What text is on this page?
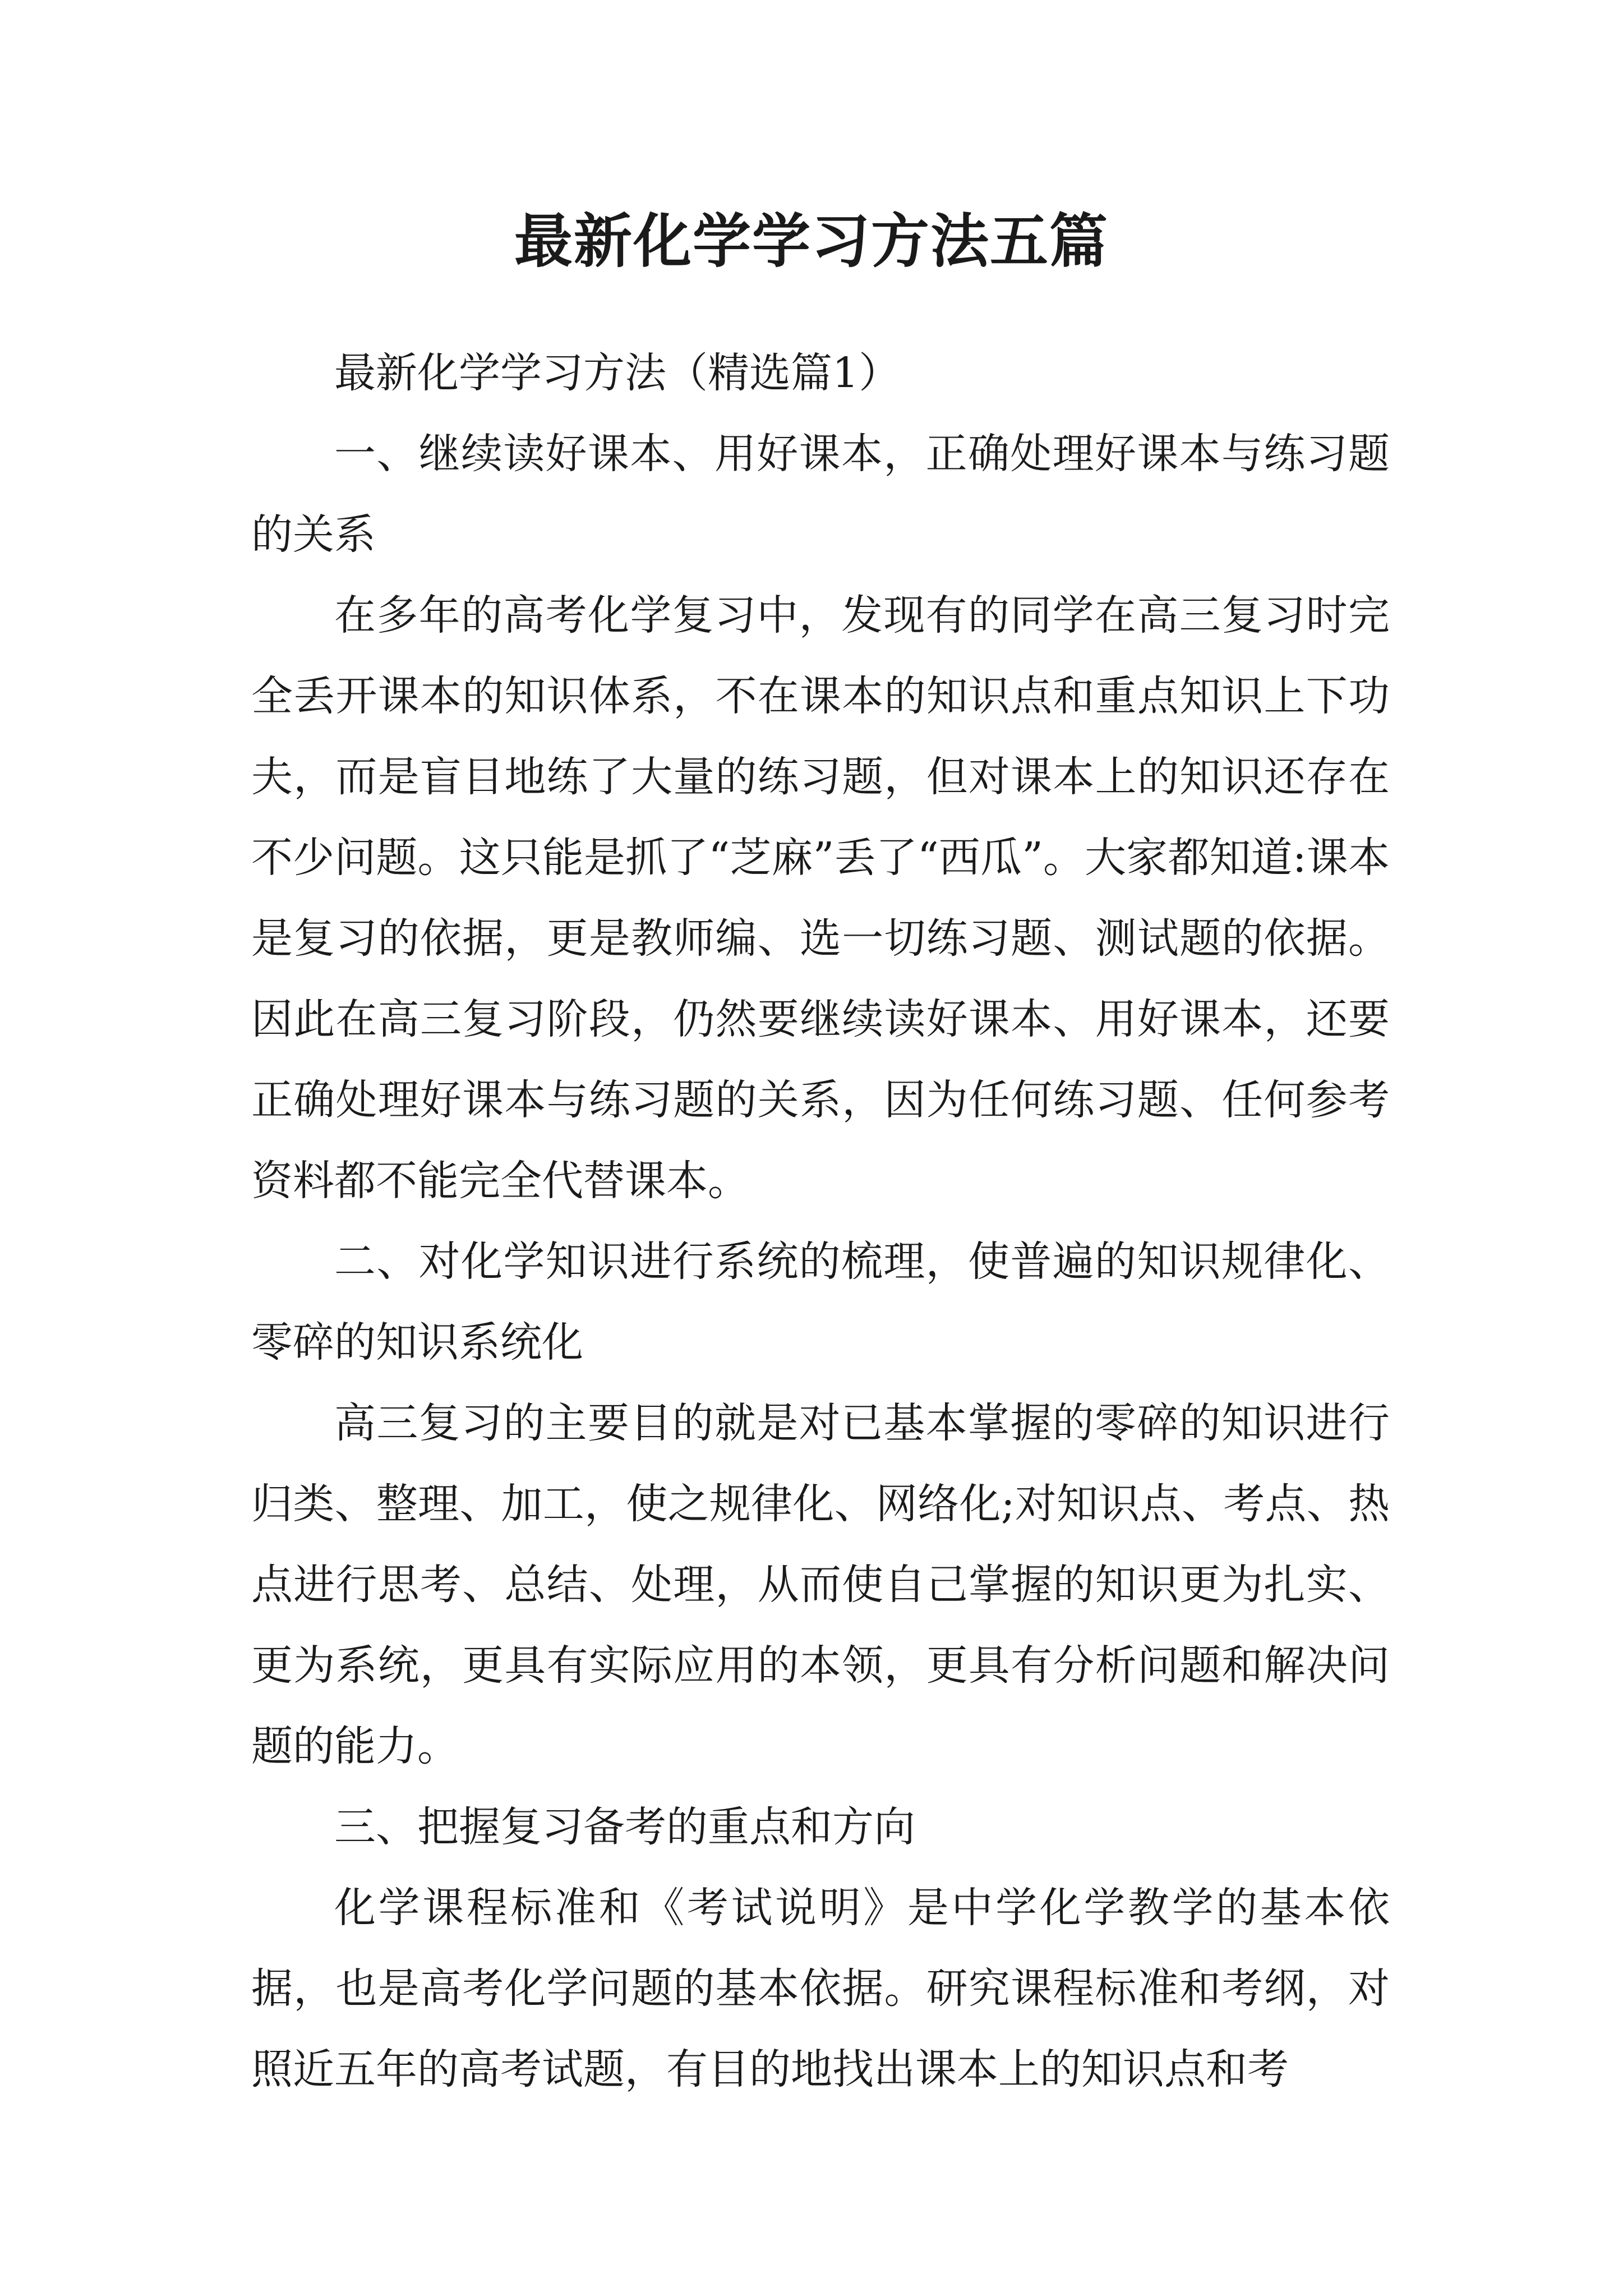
最新化学学习方法五篇

最新化学学习方法（精选篇1）

一、继续读好课本、用好课本，正确处理好课本与练习题的关系

在多年的高考化学复习中，发现有的同学在高三复习时完全丢开课本的知识体系，不在课本的知识点和重点知识上下功夫，而是盲目地练了大量的练习题，但对课本上的知识还存在不少问题。这只能是抓了“芝麻”丢了“西瓜”。大家都知道:课本是复习的依据，更是教师编、选一切练习题、测试题的依据。因此在高三复习阶段，仍然要继续读好课本、用好课本，还要正确处理好课本与练习题的关系，因为任何练习题、任何参考资料都不能完全代替课本。

二、对化学知识进行系统的梳理，使普遍的知识规律化、零碎的知识系统化

高三复习的主要目的就是对已基本掌握的零碎的知识进行归类、整理、加工，使之规律化、网络化;对知识点、考点、热点进行思考、总结、处理，从而使自己掌握的知识更为扎实、更为系统，更具有实际应用的本领，更具有分析问题和解决问题的能力。

三、把握复习备考的重点和方向

化学课程标准和《考试说明》是中学化学教学的基本依据，也是高考化学问题的基本依据。研究课程标准和考纲，对照近五年的高考试题，有目的地找出课本上的知识点和考
